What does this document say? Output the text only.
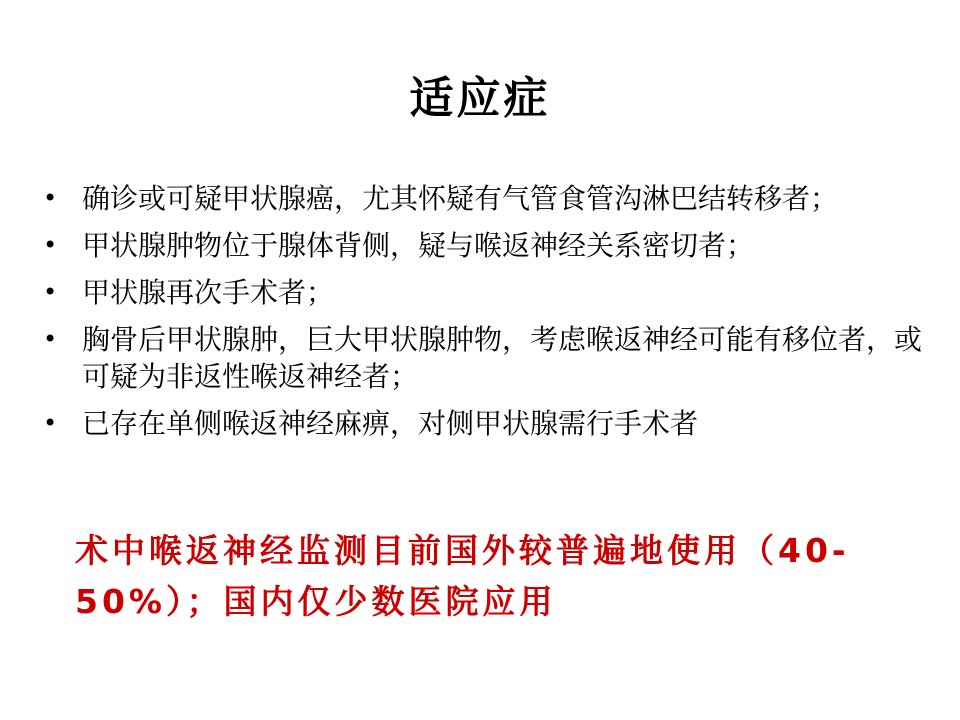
适应症
• 确诊或可疑甲状腺癌，尤其怀疑有气管食管沟淋巴结转移者；
• 甲状腺肿物位于腺体背侧，疑与喉返神经关系密切者；
• 甲状腺再次手术者；
• 胸骨后甲状腺肿，巨大甲状腺肿物，考虑喉返神经可能有移位者，或可疑为非返性喉返神经者；
• 已存在单侧喉返神经麻痹，对侧甲状腺需行手术者
术中喉返神经监测目前国外较普遍地使用（40-50%）；国内仅少数医院应用
